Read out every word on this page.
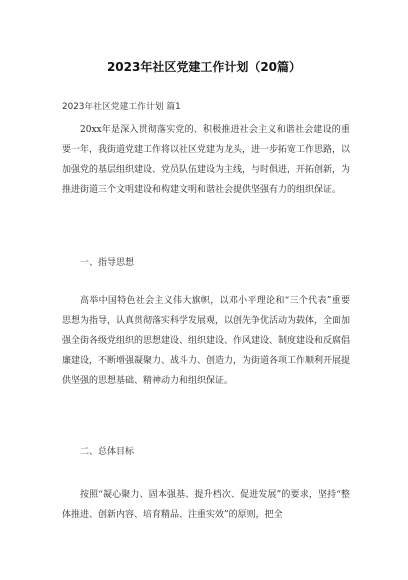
2023年社区党建工作计划（20篇）
2023年社区党建工作计划 篇1

20xx年是深入贯彻落实党的、积极推进社会主义和谐社会建设的重要一年，我街道党建工作将以社区党建为龙头，进一步拓宽工作思路，以加强党的基层组织建设、党员队伍建设为主线，与时俱进，开拓创新，为推进街道三个文明建设和构建文明和谐社会提供坚强有力的组织保证。

一、指导思想

高举中国特色社会主义伟大旗帜，以邓小平理论和“三个代表”重要思想为指导，认真贯彻落实科学发展观，以创先争优活动为载体，全面加强全街各级党组织的思想建设、组织建设、作风建设、制度建设和反腐倡廉建设，不断增强凝聚力、战斗力、创造力，为街道各项工作顺利开展提供坚强的思想基础、精神动力和组织保证。

二、总体目标

按照“凝心聚力、固本强基、提升档次、促进发展”的要求，坚持“整体推进、创新内容、培育精品、注重实效”的原则，把全
